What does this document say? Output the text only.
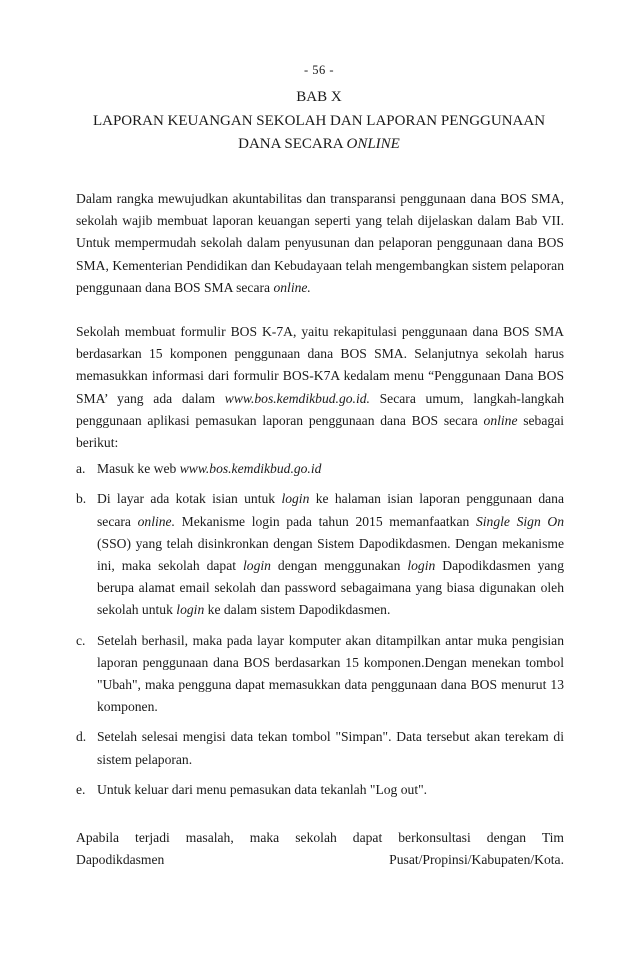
- 56 -

BAB X

LAPORAN KEUANGAN SEKOLAH DAN LAPORAN PENGGUNAAN

DANA SECARA ONLINE

Dalam rangka mewujudkan akuntabilitas dan transparansi penggunaan dana BOS SMA, sekolah wajib membuat laporan keuangan seperti yang telah dijelaskan dalam Bab VII. Untuk mempermudah sekolah dalam penyusunan dan pelaporan penggunaan dana BOS SMA, Kementerian Pendidikan dan Kebudayaan telah mengembangkan sistem pelaporan penggunaan dana BOS SMA secara online.

Sekolah membuat formulir BOS K-7A, yaitu rekapitulasi penggunaan dana BOS SMA berdasarkan 15 komponen penggunaan dana BOS SMA. Selanjutnya sekolah harus memasukkan informasi dari formulir BOS-K7A kedalam menu “Penggunaan Dana BOS SMA’ yang ada dalam www.bos.kemdikbud.go.id. Secara umum, langkah-langkah penggunaan aplikasi pemasukan laporan penggunaan dana BOS secara online sebagai berikut:

a. Masuk ke web www.bos.kemdikbud.go.id
b. Di layar ada kotak isian untuk login ke halaman isian laporan penggunaan dana secara online. Mekanisme login pada tahun 2015 memanfaatkan Single Sign On (SSO) yang telah disinkronkan dengan Sistem Dapodikdasmen. Dengan mekanisme ini, maka sekolah dapat login dengan menggunakan login Dapodikdasmen yang berupa alamat email sekolah dan password sebagaimana yang biasa digunakan oleh sekolah untuk login ke dalam sistem Dapodikdasmen.
c. Setelah berhasil, maka pada layar komputer akan ditampilkan antar muka pengisian laporan penggunaan dana BOS berdasarkan 15 komponen.Dengan menekan tombol "Ubah", maka pengguna dapat memasukkan data penggunaan dana BOS menurut 13 komponen.
d. Setelah selesai mengisi data tekan tombol "Simpan". Data tersebut akan terekam di sistem pelaporan.
e. Untuk keluar dari menu pemasukan data tekanlah "Log out".
Apabila terjadi masalah, maka sekolah dapat berkonsultasi dengan Tim
Dapodikdasmen	Pusat/Propinsi/Kabupaten/Kota.
